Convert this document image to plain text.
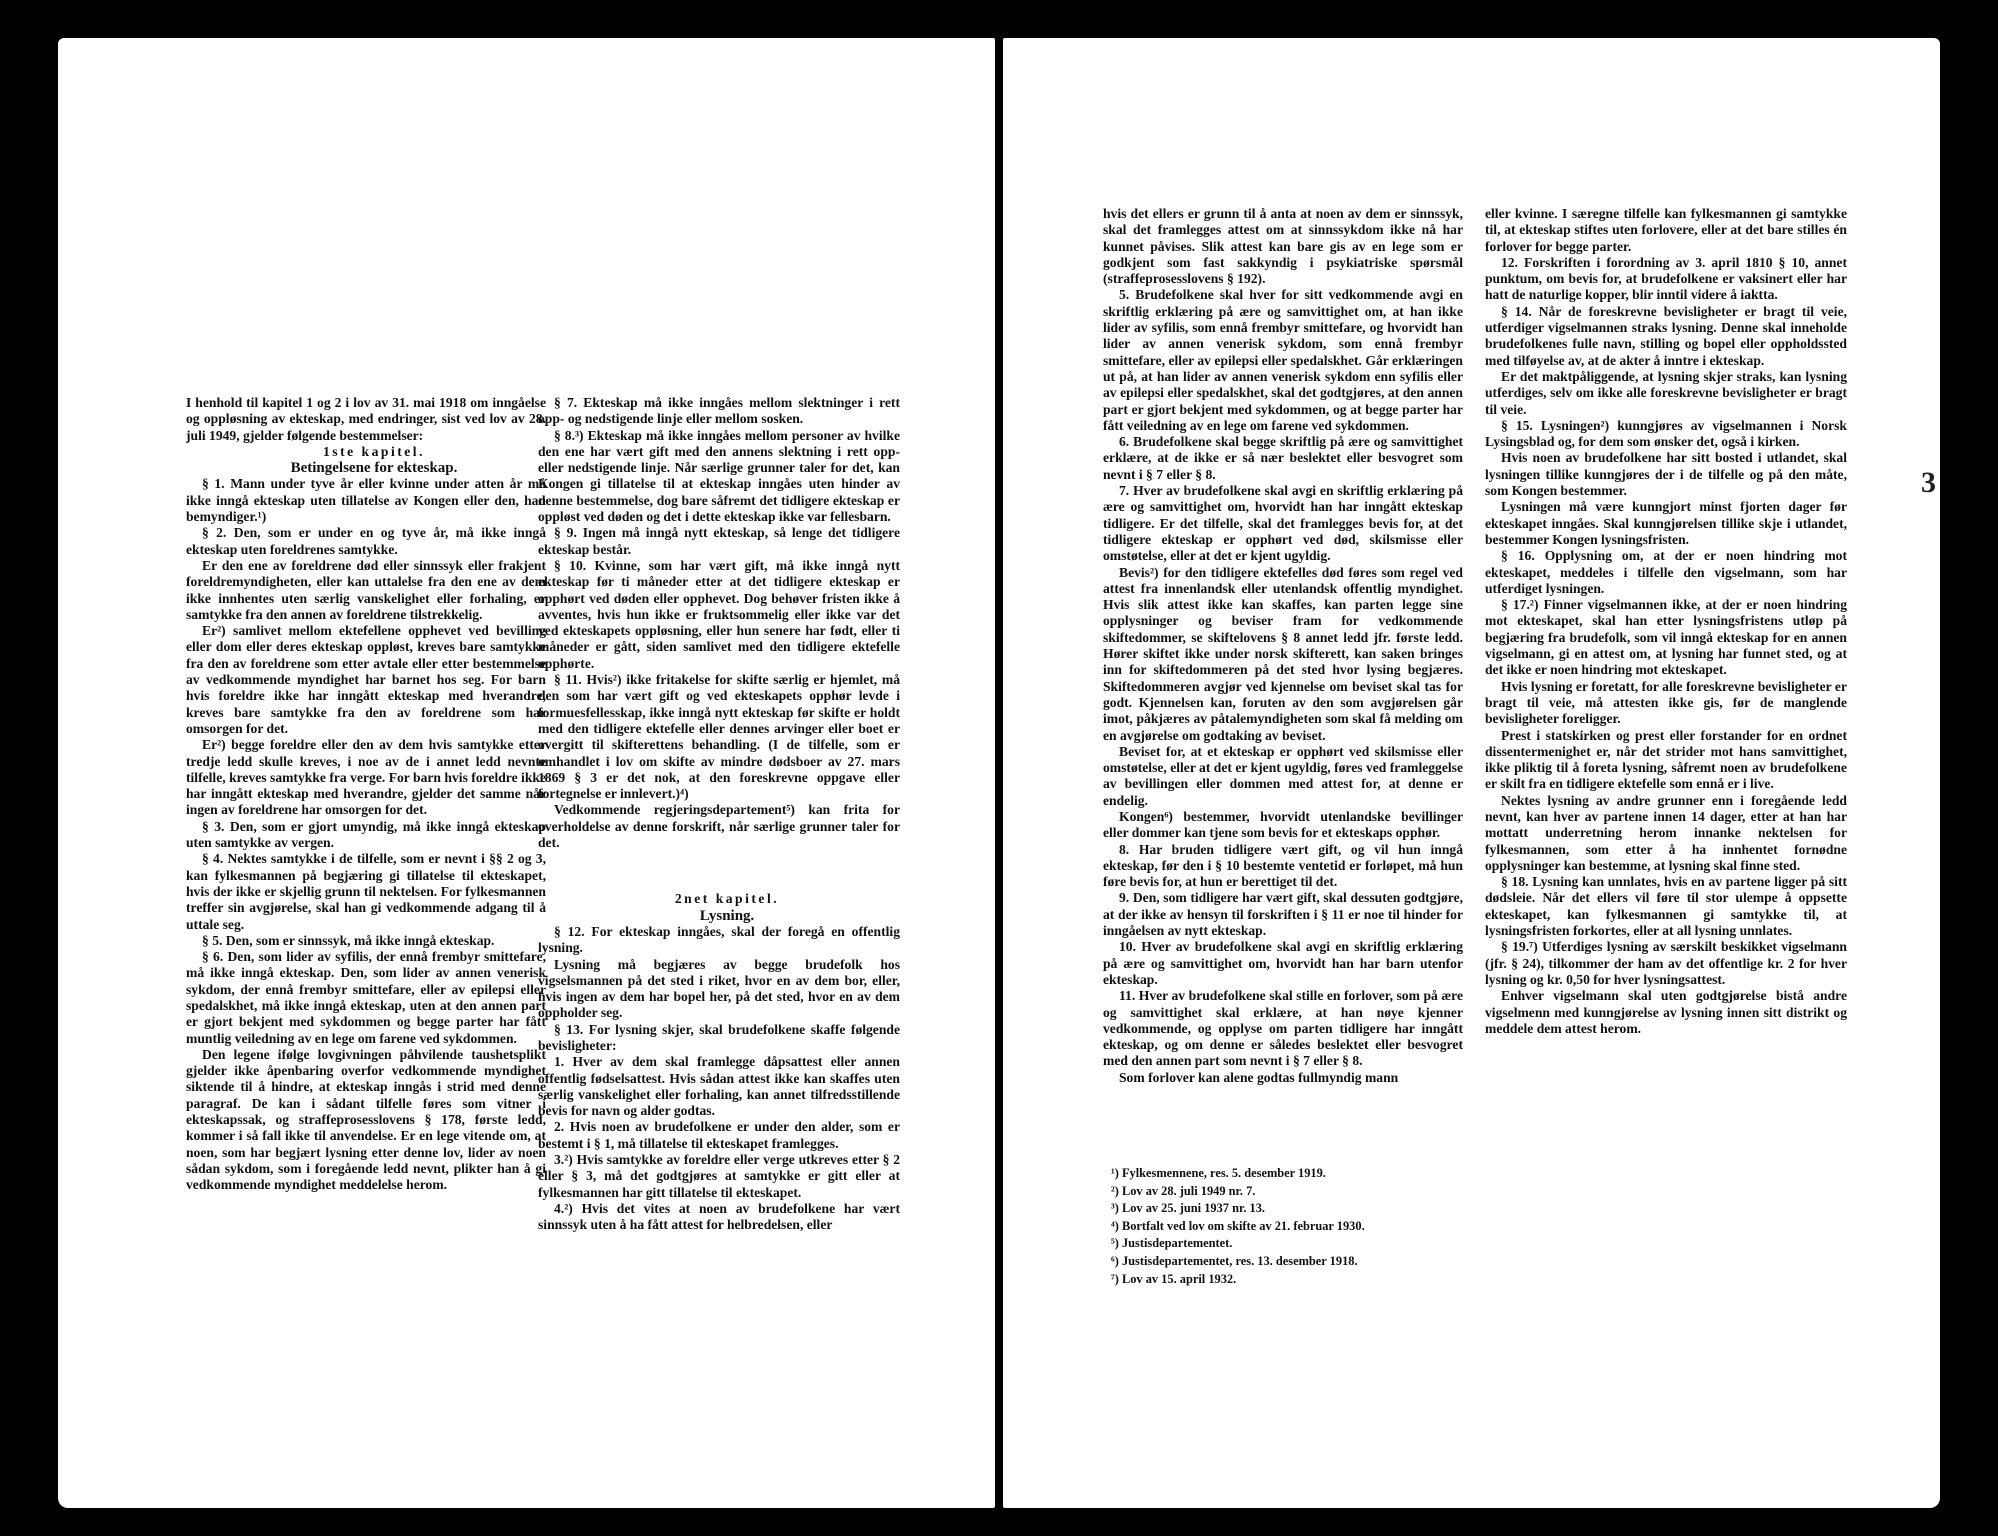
I henhold til kapitel 1 og 2 i lov av 31. mai 1918 om inngåelse og oppløsning av ekteskap, med endringer, sist ved lov av 28. juli 1949, gjelder følgende bestemmelser:

1ste kapitel.

Betingelsene for ekteskap.

§ 1. Mann under tyve år eller kvinne under atten år må ikke inngå ekteskap uten tillatelse av Kongen eller den, han bemyndiger.¹)

§ 2. Den, som er under en og tyve år, må ikke inngå ekteskap uten foreldrenes samtykke.

Er den ene av foreldrene død eller sinnssyk eller frakjent foreldremyndigheten, eller kan uttalelse fra den ene av dem ikke innhentes uten særlig vanskelighet eller forhaling, er samtykke fra den annen av foreldrene tilstrekkelig.

Er²) samlivet mellom ektefellene opphevet ved bevilling eller dom eller deres ekteskap oppløst, kreves bare samtykke fra den av foreldrene som etter avtale eller etter bestemmelse av vedkommende myndighet har barnet hos seg. For barn hvis foreldre ikke har inngått ekteskap med hverandre, kreves bare samtykke fra den av foreldrene som har omsorgen for det.

Er²) begge foreldre eller den av dem hvis samtykke etter tredje ledd skulle kreves, i noe av de i annet ledd nevnte tilfelle, kreves samtykke fra verge. For barn hvis foreldre ikke har inngått ekteskap med hverandre, gjelder det samme når ingen av foreldrene har omsorgen for det.

§ 3. Den, som er gjort umyndig, må ikke inngå ekteskap uten samtykke av vergen.

§ 4. Nektes samtykke i de tilfelle, som er nevnt i §§ 2 og 3, kan fylkesmannen på begjæring gi tillatelse til ekteskapet, hvis der ikke er skjellig grunn til nektelsen. For fylkesmannen treffer sin avgjørelse, skal han gi vedkommende adgang til å uttale seg.

§ 5. Den, som er sinnssyk, må ikke inngå ekteskap.

§ 6. Den, som lider av syfilis, der ennå frembyr smittefare, må ikke inngå ekteskap. Den, som lider av annen venerisk sykdom, der ennå frembyr smittefare, eller av epilepsi eller spedalskhet, må ikke inngå ekteskap, uten at den annen part er gjort bekjent med sykdommen og begge parter har fått muntlig veiledning av en lege om farene ved sykdommen.

Den legene ifølge lovgivningen påhvilende taushetsplikt gjelder ikke åpenbaring overfor vedkommende myndighet siktende til å hindre, at ekteskap inngås i strid med denne paragraf. De kan i sådant tilfelle føres som vitner i ekteskapssak, og straffeprosesslovens § 178, første ledd, kommer i så fall ikke til anvendelse. Er en lege vitende om, at noen, som har begjært lysning etter denne lov, lider av noen sådan sykdom, som i foregående ledd nevnt, plikter han å gi vedkommende myndighet meddelelse herom.

§ 7. Ekteskap må ikke inngåes mellom slektninger i rett opp- og nedstigende linje eller mellom sosken.

§ 8.³) Ekteskap må ikke inngåes mellom personer av hvilke den ene har vært gift med den annens slektning i rett opp- eller nedstigende linje. Når særlige grunner taler for det, kan Kongen gi tillatelse til at ekteskap inngåes uten hinder av denne bestemmelse, dog bare såfremt det tidligere ekteskap er oppløst ved døden og det i dette ekteskap ikke var fellesbarn.

§ 9. Ingen må inngå nytt ekteskap, så lenge det tidligere ekteskap består.

§ 10. Kvinne, som har vært gift, må ikke inngå nytt ekteskap før ti måneder etter at det tidligere ekteskap er opphørt ved døden eller opphevet. Dog behøver fristen ikke å avventes, hvis hun ikke er fruktsommelig eller ikke var det ved ekteskapets oppløsning, eller hun senere har født, eller ti måneder er gått, siden samlivet med den tidligere ektefelle opphørte.

§ 11. Hvis²) ikke fritakelse for skifte særlig er hjemlet, må den som har vært gift og ved ekteskapets opphør levde i formuesfellesskap, ikke inngå nytt ekteskap før skifte er holdt med den tidligere ektefelle eller dennes arvinger eller boet er overgitt til skifterettens behandling. (I de tilfelle, som er omhandlet i lov om skifte av mindre dødsboer av 27. mars 1869 § 3 er det nok, at den foreskrevne oppgave eller fortegnelse er innlevert.)⁴)

Vedkommende regjeringsdepartement⁵) kan frita for overholdelse av denne forskrift, når særlige grunner taler for det.

2net kapitel.

Lysning.

§ 12. For ekteskap inngåes, skal der foregå en offentlig lysning.

Lysning må begjæres av begge brudefolk hos vigselsmannen på det sted i riket, hvor en av dem bor, eller, hvis ingen av dem har bopel her, på det sted, hvor en av dem oppholder seg.

§ 13. For lysning skjer, skal brudefolkene skaffe følgende bevisligheter:

1. Hver av dem skal framlegge dåpsattest eller annen offentlig fødselsattest. Hvis sådan attest ikke kan skaffes uten særlig vanskelighet eller forhaling, kan annet tilfredsstillende bevis for navn og alder godtas.

2. Hvis noen av brudefolkene er under den alder, som er bestemt i § 1, må tillatelse til ekteskapet framlegges.

3.²) Hvis samtykke av foreldre eller verge utkreves etter § 2 eller § 3, må det godtgjøres at samtykke er gitt eller at fylkesmannen har gitt tillatelse til ekteskapet.

4.²) Hvis det vites at noen av brudefolkene har vært sinnssyk uten å ha fått attest for helbredelsen, eller

hvis det ellers er grunn til å anta at noen av dem er sinnssyk, skal det framlegges attest om at sinnssykdom ikke nå har kunnet påvises. Slik attest kan bare gis av en lege som er godkjent som fast sakkyndig i psykiatriske spørsmål (straffeprosesslovens § 192).

5. Brudefolkene skal hver for sitt vedkommende avgi en skriftlig erklæring på ære og samvittighet om, at han ikke lider av syfilis, som ennå frembyr smittefare, og hvorvidt han lider av annen venerisk sykdom, som ennå frembyr smittefare, eller av epilepsi eller spedalskhet. Går erklæringen ut på, at han lider av annen venerisk sykdom enn syfilis eller av epilepsi eller spedalskhet, skal det godtgjøres, at den annen part er gjort bekjent med sykdommen, og at begge parter har fått veiledning av en lege om farene ved sykdommen.

6. Brudefolkene skal begge skriftlig på ære og samvittighet erklære, at de ikke er så nær beslektet eller besvogret som nevnt i § 7 eller § 8.

7. Hver av brudefolkene skal avgi en skriftlig erklæring på ære og samvittighet om, hvorvidt han har inngått ekteskap tidligere. Er det tilfelle, skal det framlegges bevis for, at det tidligere ekteskap er opphørt ved død, skilsmisse eller omstøtelse, eller at det er kjent ugyldig.

Bevis²) for den tidligere ektefelles død føres som regel ved attest fra innenlandsk eller utenlandsk offentlig myndighet. Hvis slik attest ikke kan skaffes, kan parten legge sine opplysninger og beviser fram for vedkommende skiftedommer, se skiftelovens § 8 annet ledd jfr. første ledd. Hører skiftet ikke under norsk skifterett, kan saken bringes inn for skiftedommeren på det sted hvor lysing begjæres. Skiftedommeren avgjør ved kjennelse om beviset skal tas for godt. Kjennelsen kan, foruten av den som avgjørelsen går imot, påkjæres av påtalemyndigheten som skal få melding om en avgjørelse om godtaking av beviset.

Beviset for, at et ekteskap er opphørt ved skilsmisse eller omstøtelse, eller at det er kjent ugyldig, føres ved framleggelse av bevillingen eller dommen med attest for, at denne er endelig.

Kongen⁶) bestemmer, hvorvidt utenlandske bevillinger eller dommer kan tjene som bevis for et ekteskaps opphør.

8. Har bruden tidligere vært gift, og vil hun inngå ekteskap, før den i § 10 bestemte ventetid er forløpet, må hun føre bevis for, at hun er berettiget til det.

9. Den, som tidligere har vært gift, skal dessuten godtgjøre, at der ikke av hensyn til forskriften i § 11 er noe til hinder for inngåelsen av nytt ekteskap.

10. Hver av brudefolkene skal avgi en skriftlig erklæring på ære og samvittighet om, hvorvidt han har barn utenfor ekteskap.

11. Hver av brudefolkene skal stille en forlover, som på ære og samvittighet skal erklære, at han nøye kjenner vedkommende, og opplyse om parten tidligere har inngått ekteskap, og om denne er således beslektet eller besvogret med den annen part som nevnt i § 7 eller § 8.

Som forlover kan alene godtas fullmyndig mann

¹) Fylkesmennene, res. 5. desember 1919.
²) Lov av 28. juli 1949 nr. 7.
³) Lov av 25. juni 1937 nr. 13.
⁴) Bortfalt ved lov om skifte av 21. februar 1930.
⁵) Justisdepartementet.
⁶) Justisdepartementet, res. 13. desember 1918.
⁷) Lov av 15. april 1932.

eller kvinne. I særegne tilfelle kan fylkesmannen gi samtykke til, at ekteskap stiftes uten forlovere, eller at det bare stilles én forlover for begge parter.

12. Forskriften i forordning av 3. april 1810 § 10, annet punktum, om bevis for, at brudefolkene er vaksinert eller har hatt de naturlige kopper, blir inntil videre å iaktta.

§ 14. Når de foreskrevne bevisligheter er bragt til veie, utferdiger vigselmannen straks lysning. Denne skal inneholde brudefolkenes fulle navn, stilling og bopel eller oppholdssted med tilføyelse av, at de akter å inntre i ekteskap.

Er det maktpåliggende, at lysning skjer straks, kan lysning utferdiges, selv om ikke alle foreskrevne bevisligheter er bragt til veie.

§ 15. Lysningen²) kunngjøres av vigselmannen i Norsk Lysingsblad og, for dem som ønsker det, også i kirken.

Hvis noen av brudefolkene har sitt bosted i utlandet, skal lysningen tillike kunngjøres der i de tilfelle og på den måte, som Kongen bestemmer.

Lysningen må være kunngjort minst fjorten dager før ekteskapet inngåes. Skal kunngjørelsen tillike skje i utlandet, bestemmer Kongen lysningsfristen.

§ 16. Opplysning om, at der er noen hindring mot ekteskapet, meddeles i tilfelle den vigselmann, som har utferdiget lysningen.

§ 17.²) Finner vigselmannen ikke, at der er noen hindring mot ekteskapet, skal han etter lysningsfristens utløp på begjæring fra brudefolk, som vil inngå ekteskap for en annen vigselmann, gi en attest om, at lysning har funnet sted, og at det ikke er noen hindring mot ekteskapet.

Hvis lysning er foretatt, for alle foreskrevne bevisligheter er bragt til veie, må attesten ikke gis, før de manglende bevisligheter foreligger.

Prest i statskirken og prest eller forstander for en ordnet dissentermenighet er, når det strider mot hans samvittighet, ikke pliktig til å foreta lysning, såfremt noen av brudefolkene er skilt fra en tidligere ektefelle som ennå er i live.

Nektes lysning av andre grunner enn i foregående ledd nevnt, kan hver av partene innen 14 dager, etter at han har mottatt underretning herom innanke nektelsen for fylkesmannen, som etter å ha innhentet fornødne opplysninger kan bestemme, at lysning skal finne sted.

§ 18. Lysning kan unnlates, hvis en av partene ligger på sitt dødsleie. Når det ellers vil føre til stor ulempe å oppsette ekteskapet, kan fylkesmannen gi samtykke til, at lysningsfristen forkortes, eller at all lysning unnlates.

§ 19.⁷) Utferdiges lysning av særskilt beskikket vigselmann (jfr. § 24), tilkommer der ham av det offentlige kr. 2 for hver lysning og kr. 0,50 for hver lysningsattest.

Enhver vigselmann skal uten godtgjørelse bistå andre vigselmenn med kunngjørelse av lysning innen sitt distrikt og meddele dem attest herom.

3
